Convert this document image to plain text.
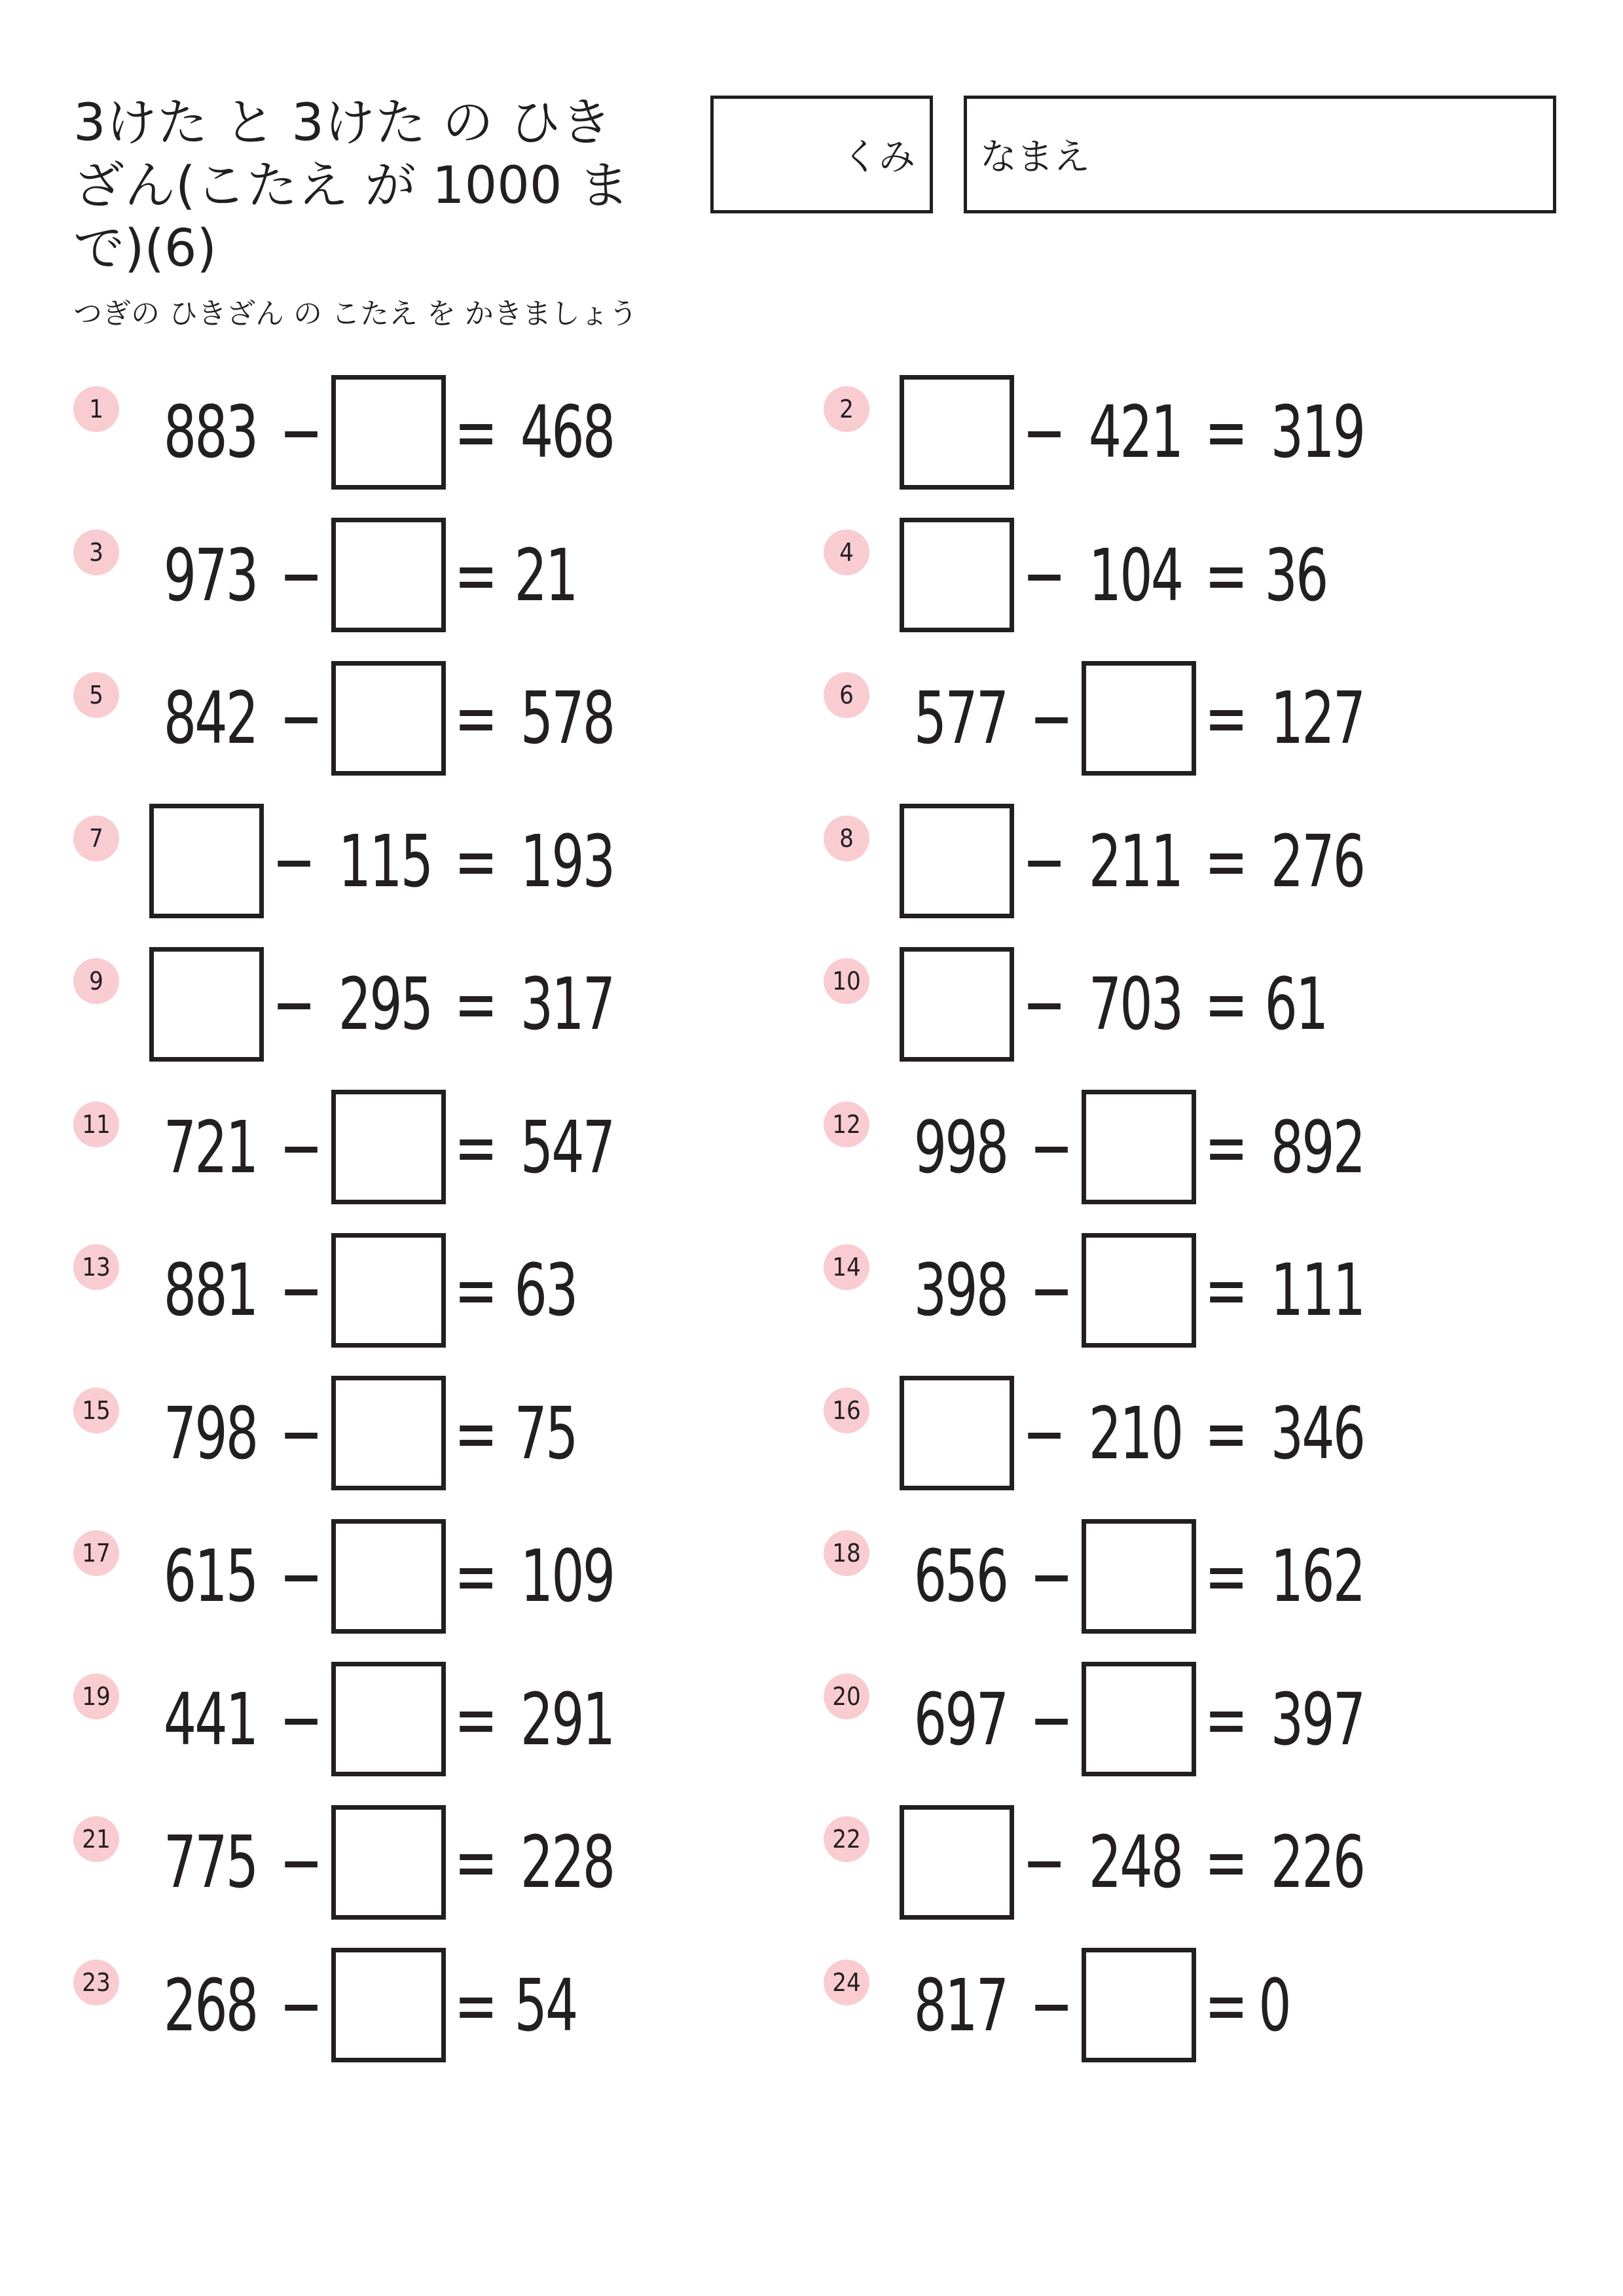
3けた と 3けた の ひきざん(こたえ が 1000 まで)(6)
つぎの ひきざん の こたえ を かきましょう
くみ なまえ
1 883 − = 468	2 − 421 = 319
3 973 − = 21	4 − 104 = 36
5 842 − = 578	6 577 − = 127
7 − 115 = 193	8 − 211 = 276
9 − 295 = 317	10 − 703 = 61
11 721 − = 547	12 998 − = 892
13 881 − = 63	14 398 − = 111
15 798 − = 75	16 − 210 = 346
17 615 − = 109	18 656 − = 162
19 441 − = 291	20 697 − = 397
21 775 − = 228	22 − 248 = 226
23 268 − = 54	24 817 − = 0
